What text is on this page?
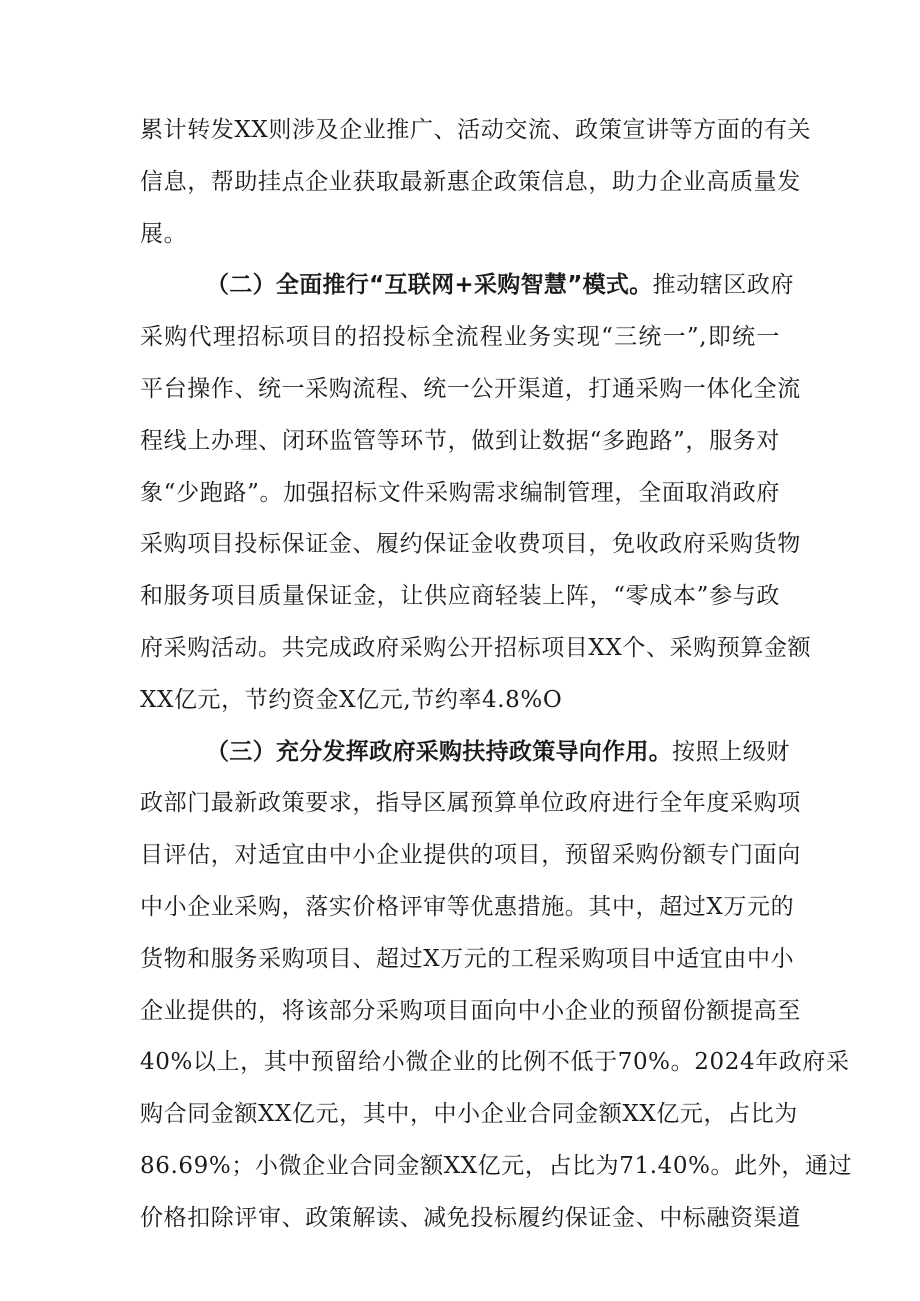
累计转发XX则涉及企业推广、活动交流、政策宣讲等方面的有关
信息，帮助挂点企业获取最新惠企政策信息，助力企业高质量发
展。
（二）全面推行“互联网+采购智慧”模式。推动辖区政府
采购代理招标项目的招投标全流程业务实现“三统一”,即统一
平台操作、统一采购流程、统一公开渠道，打通采购一体化全流
程线上办理、闭环监管等环节，做到让数据“多跑路”，服务对
象“少跑路”。加强招标文件采购需求编制管理，全面取消政府
采购项目投标保证金、履约保证金收费项目，免收政府采购货物
和服务项目质量保证金，让供应商轻装上阵，“零成本”参与政
府采购活动。共完成政府采购公开招标项目XX个、采购预算金额
XX亿元，节约资金X亿元,节约率4.8%O
（三）充分发挥政府采购扶持政策导向作用。按照上级财
政部门最新政策要求，指导区属预算单位政府进行全年度采购项
目评估，对适宜由中小企业提供的项目，预留采购份额专门面向
中小企业采购，落实价格评审等优惠措施。其中，超过X万元的
货物和服务采购项目、超过X万元的工程采购项目中适宜由中小
企业提供的，将该部分采购项目面向中小企业的预留份额提高至
40%以上，其中预留给小微企业的比例不低于70%。2024年政府采
购合同金额XX亿元，其中，中小企业合同金额XX亿元，占比为
86.69%；小微企业合同金额XX亿元，占比为71.40%。此外，通过
价格扣除评审、政策解读、减免投标履约保证金、中标融资渠道
